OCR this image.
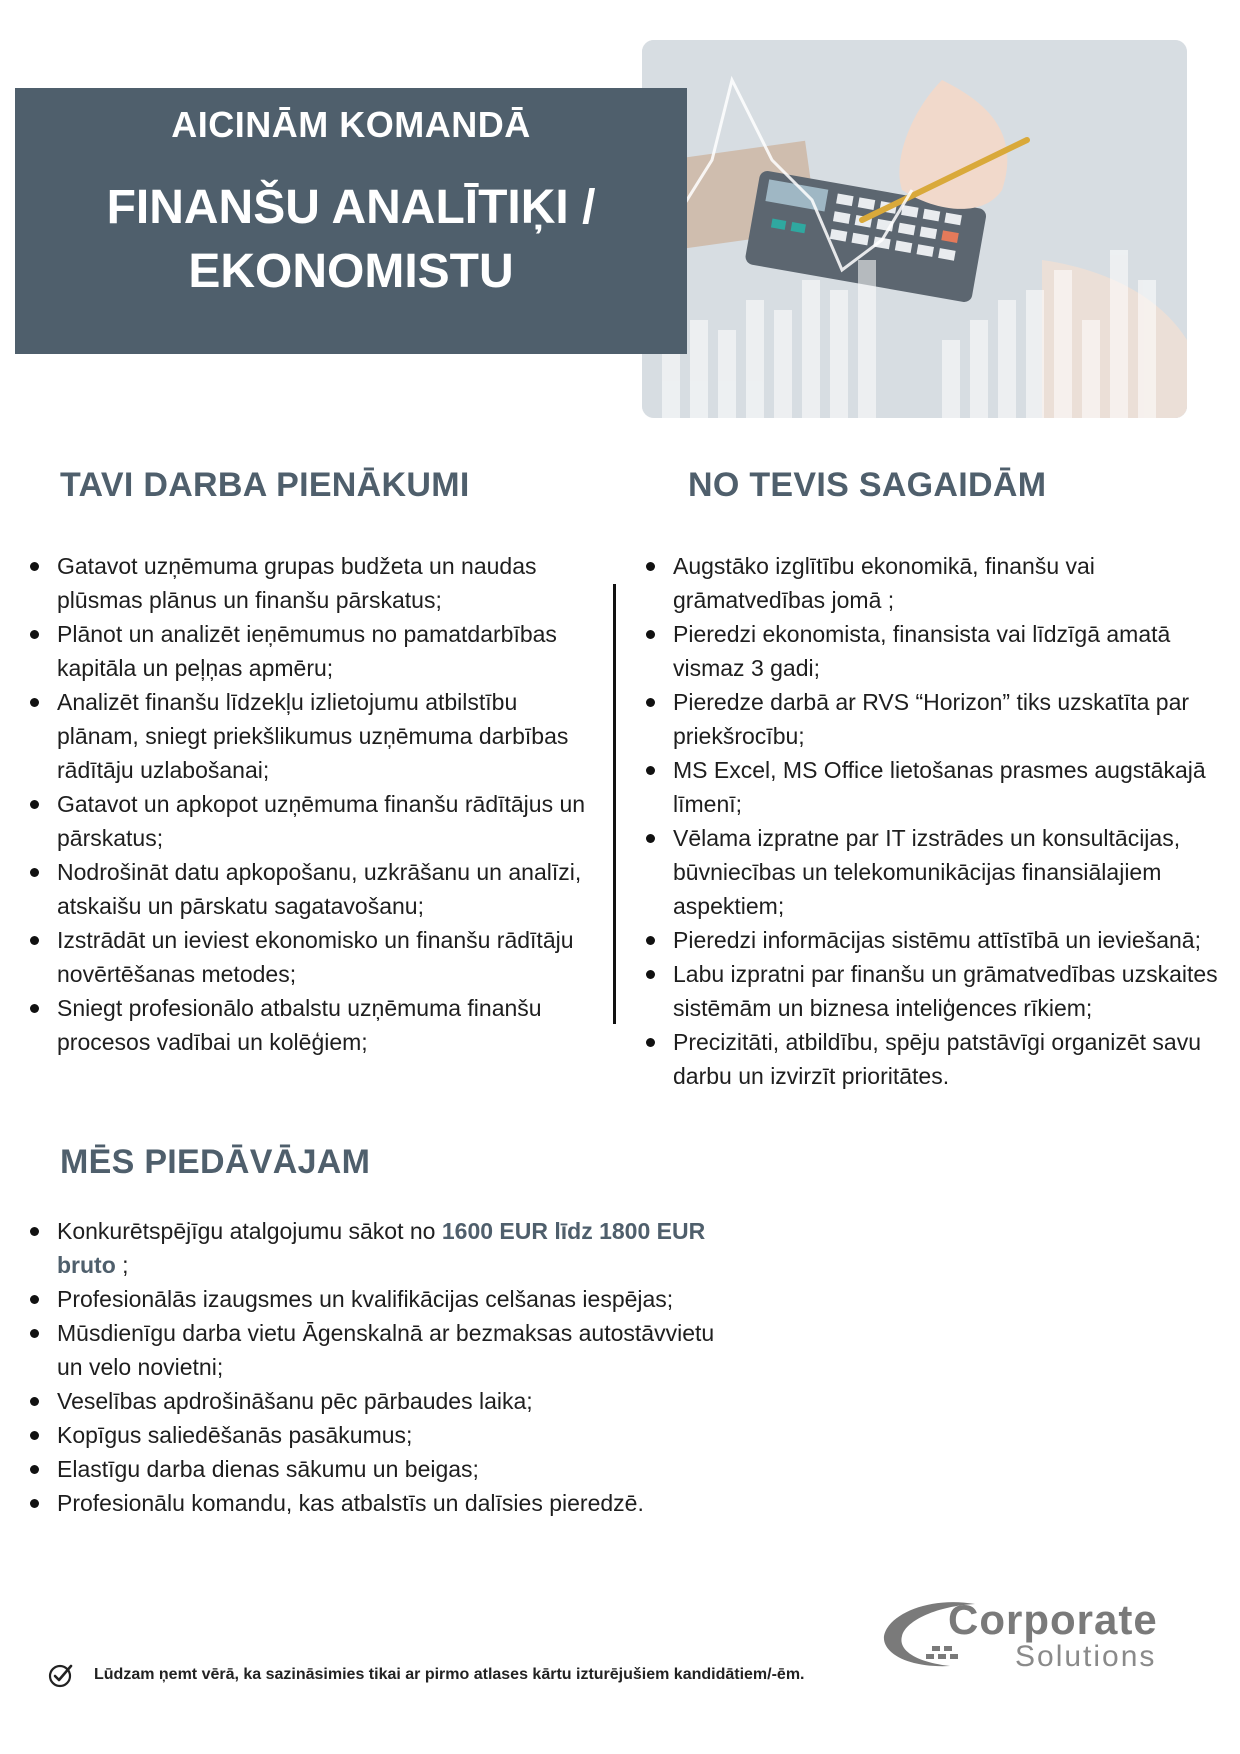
AICINĀM KOMANDĀ
FINANŠU ANALĪTIĶI /
EKONOMISTU
TAVI DARBA PIENĀKUMI
Gatavot uzņēmuma grupas budžeta un naudas plūsmas plānus un finanšu pārskatus;
Plānot un analizēt ieņēmumus no pamatdarbības kapitāla un peļņas apmēru;
Analizēt finanšu līdzekļu izlietojumu atbilstību plānam, sniegt priekšlikumus uzņēmuma darbības rādītāju uzlabošanai;
Gatavot un apkopot uzņēmuma finanšu rādītājus un pārskatus;
Nodrošināt datu apkopošanu, uzkrāšanu un analīzi, atskaišu un pārskatu sagatavošanu;
Izstrādāt un ieviest ekonomisko un finanšu rādītāju novērtēšanas metodes;
Sniegt profesionālo atbalstu uzņēmuma finanšu procesos vadībai un kolēģiem;
NO TEVIS SAGAIDĀM
Augstāko izglītību ekonomikā, finanšu vai grāmatvedības jomā ;
Pieredzi ekonomista, finansista vai līdzīgā amatā vismaz 3 gadi;
Pieredze darbā ar RVS “Horizon” tiks uzskatīta par priekšrocību;
MS Excel, MS Office lietošanas prasmes augstākajā līmenī;
Vēlama izpratne par IT izstrādes un konsultācijas, būvniecības un telekomunikācijas finansiālajiem aspektiem;
Pieredzi informācijas sistēmu attīstībā un ieviešanā;
Labu izpratni par finanšu un grāmatvedības uzskaites sistēmām un biznesa inteliģences rīkiem;
Precizitāti, atbildību, spēju patstāvīgi organizēt savu darbu un izvirzīt prioritātes.
MĒS PIEDĀVĀJAM
Konkurētspējīgu atalgojumu sākot no 1600 EUR līdz 1800 EUR bruto ;
Profesionālās izaugsmes un kvalifikācijas celšanas iespējas;
Mūsdienīgu darba vietu Āgenskalnā ar bezmaksas autostāvvietu un velo novietni;
Veselības apdrošināšanu pēc pārbaudes laika;
Kopīgus saliedēšanās pasākumus;
Elastīgu darba dienas sākumu un beigas;
Profesionālu komandu, kas atbalstīs un dalīsies pieredzē.
Corporate
Solutions
Lūdzam ņemt vērā, ka sazināsimies tikai ar pirmo atlases kārtu izturējušiem kandidātiem/-ēm.
